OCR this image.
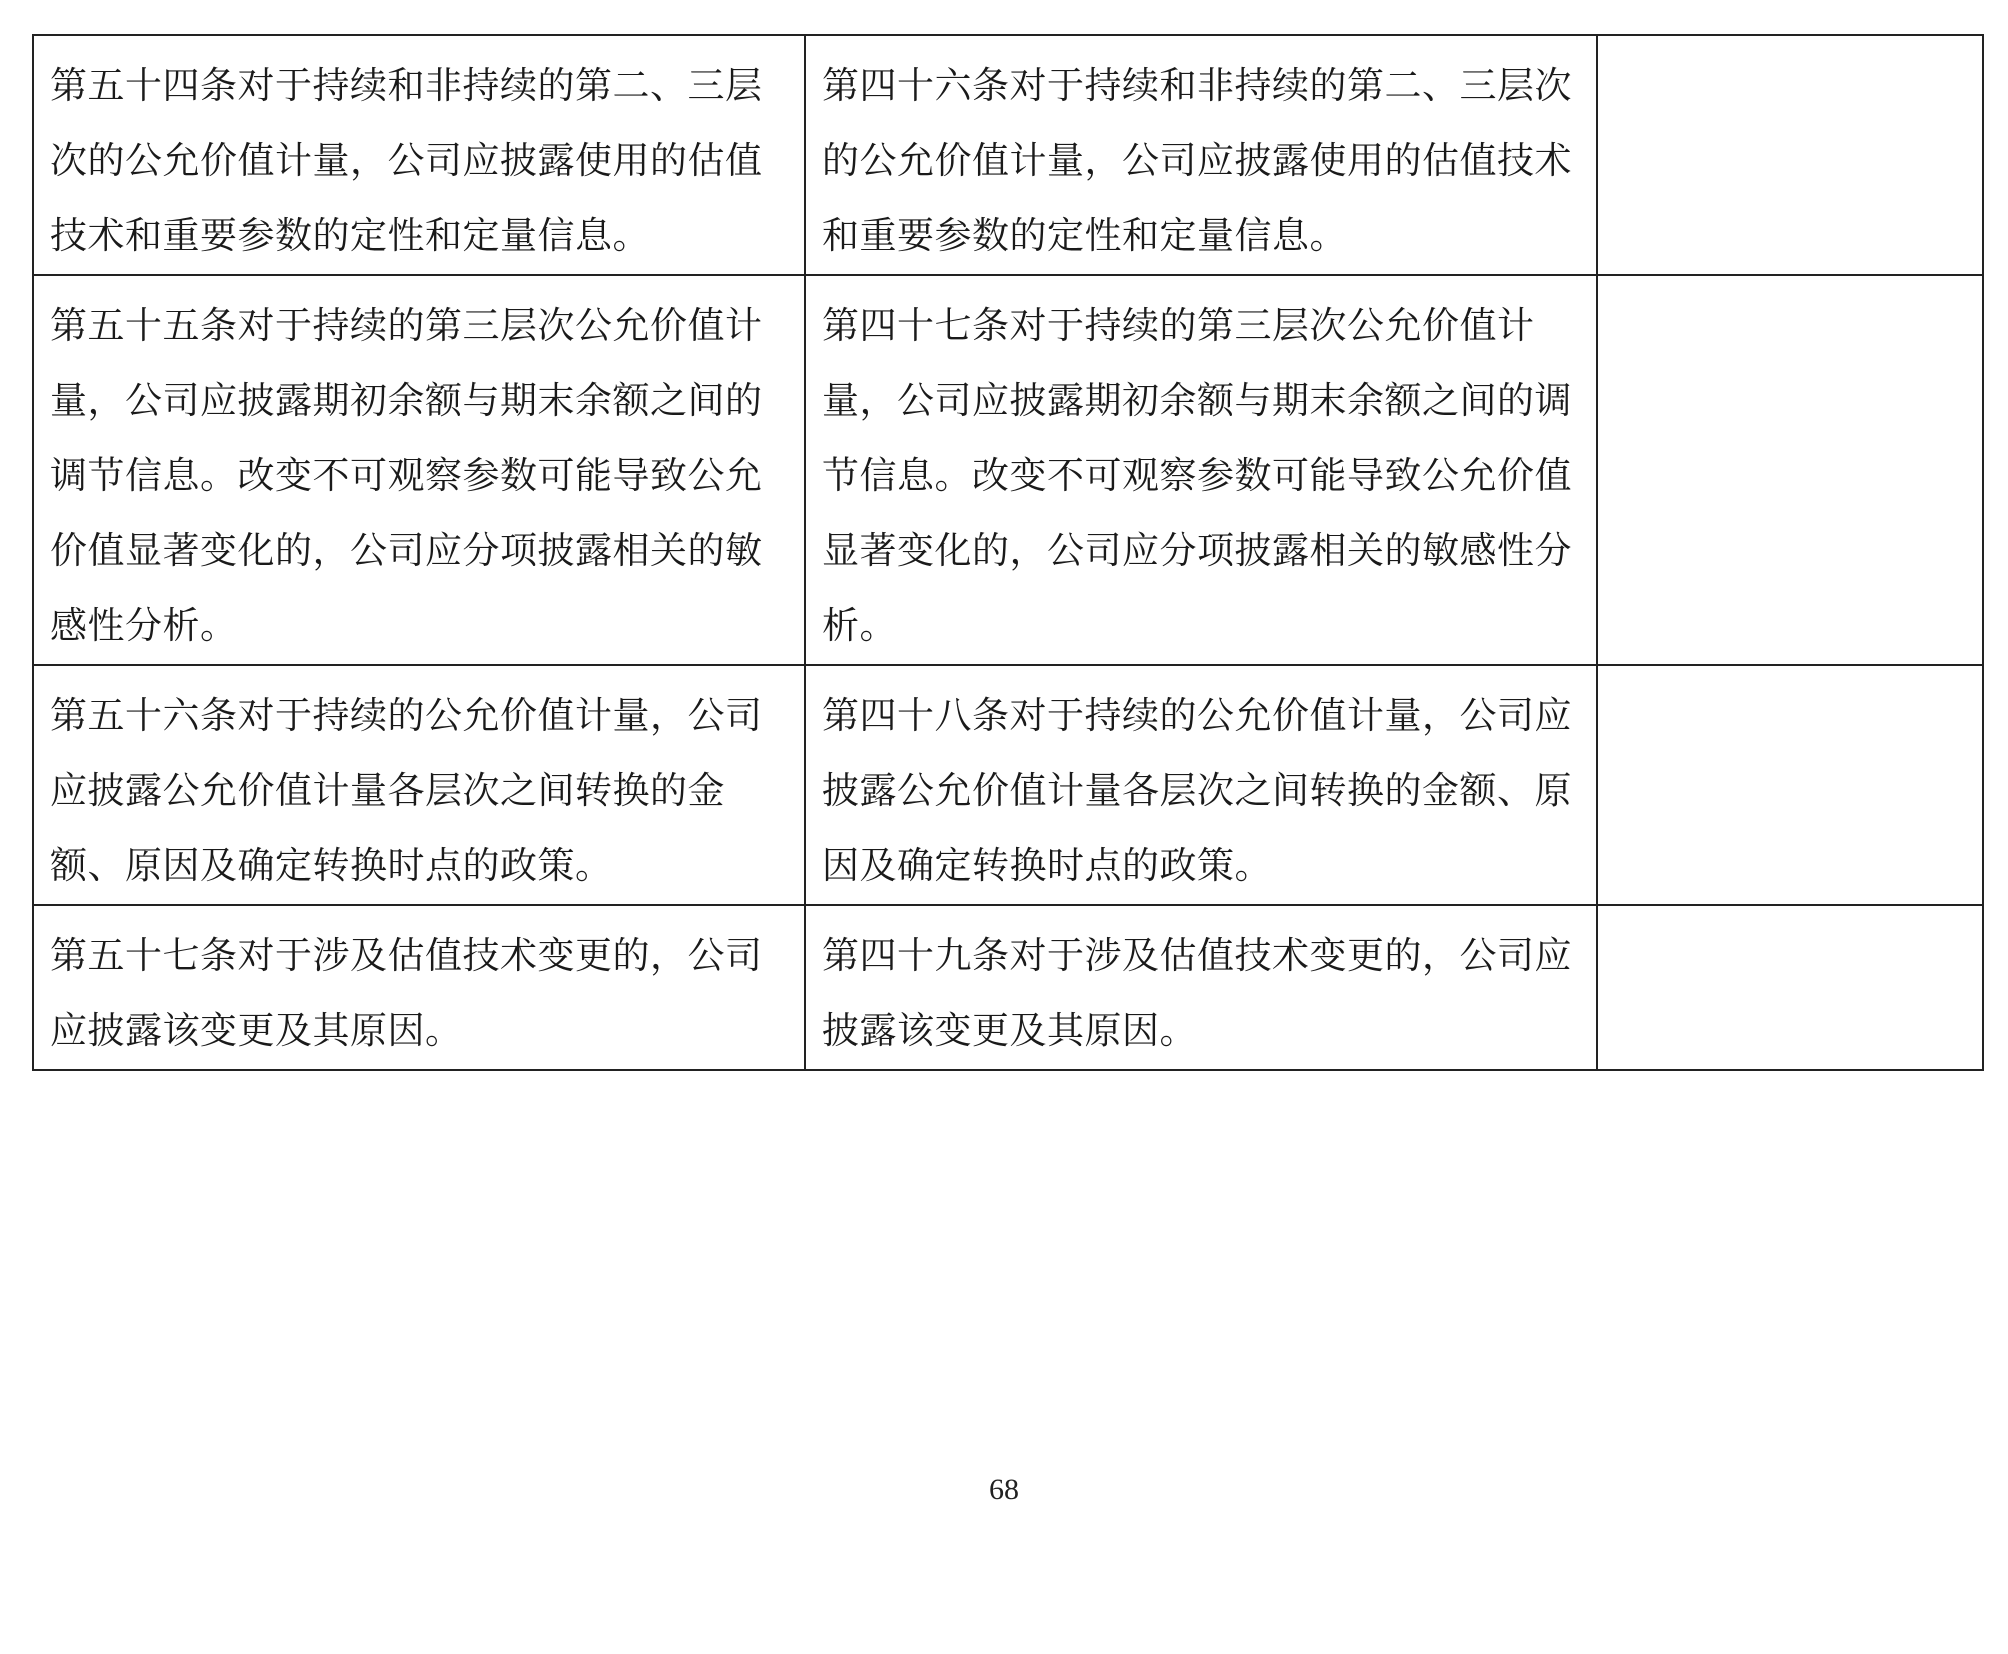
第五十四条对于持续和非持续的第二、三层次的公允价值计量，公司应披露使用的估值技术和重要参数的定性和定量信息。	第四十六条对于持续和非持续的第二、三层次的公允价值计量，公司应披露使用的估值技术和重要参数的定性和定量信息。	
第五十五条对于持续的第三层次公允价值计量，公司应披露期初余额与期末余额之间的调节信息。改变不可观察参数可能导致公允价值显著变化的，公司应分项披露相关的敏感性分析。	第四十七条对于持续的第三层次公允价值计量，公司应披露期初余额与期末余额之间的调节信息。改变不可观察参数可能导致公允价值显著变化的，公司应分项披露相关的敏感性分析。	
第五十六条对于持续的公允价值计量，公司应披露公允价值计量各层次之间转换的金额、原因及确定转换时点的政策。	第四十八条对于持续的公允价值计量，公司应披露公允价值计量各层次之间转换的金额、原因及确定转换时点的政策。	
第五十七条对于涉及估值技术变更的，公司应披露该变更及其原因。	第四十九条对于涉及估值技术变更的，公司应披露该变更及其原因。	
68
